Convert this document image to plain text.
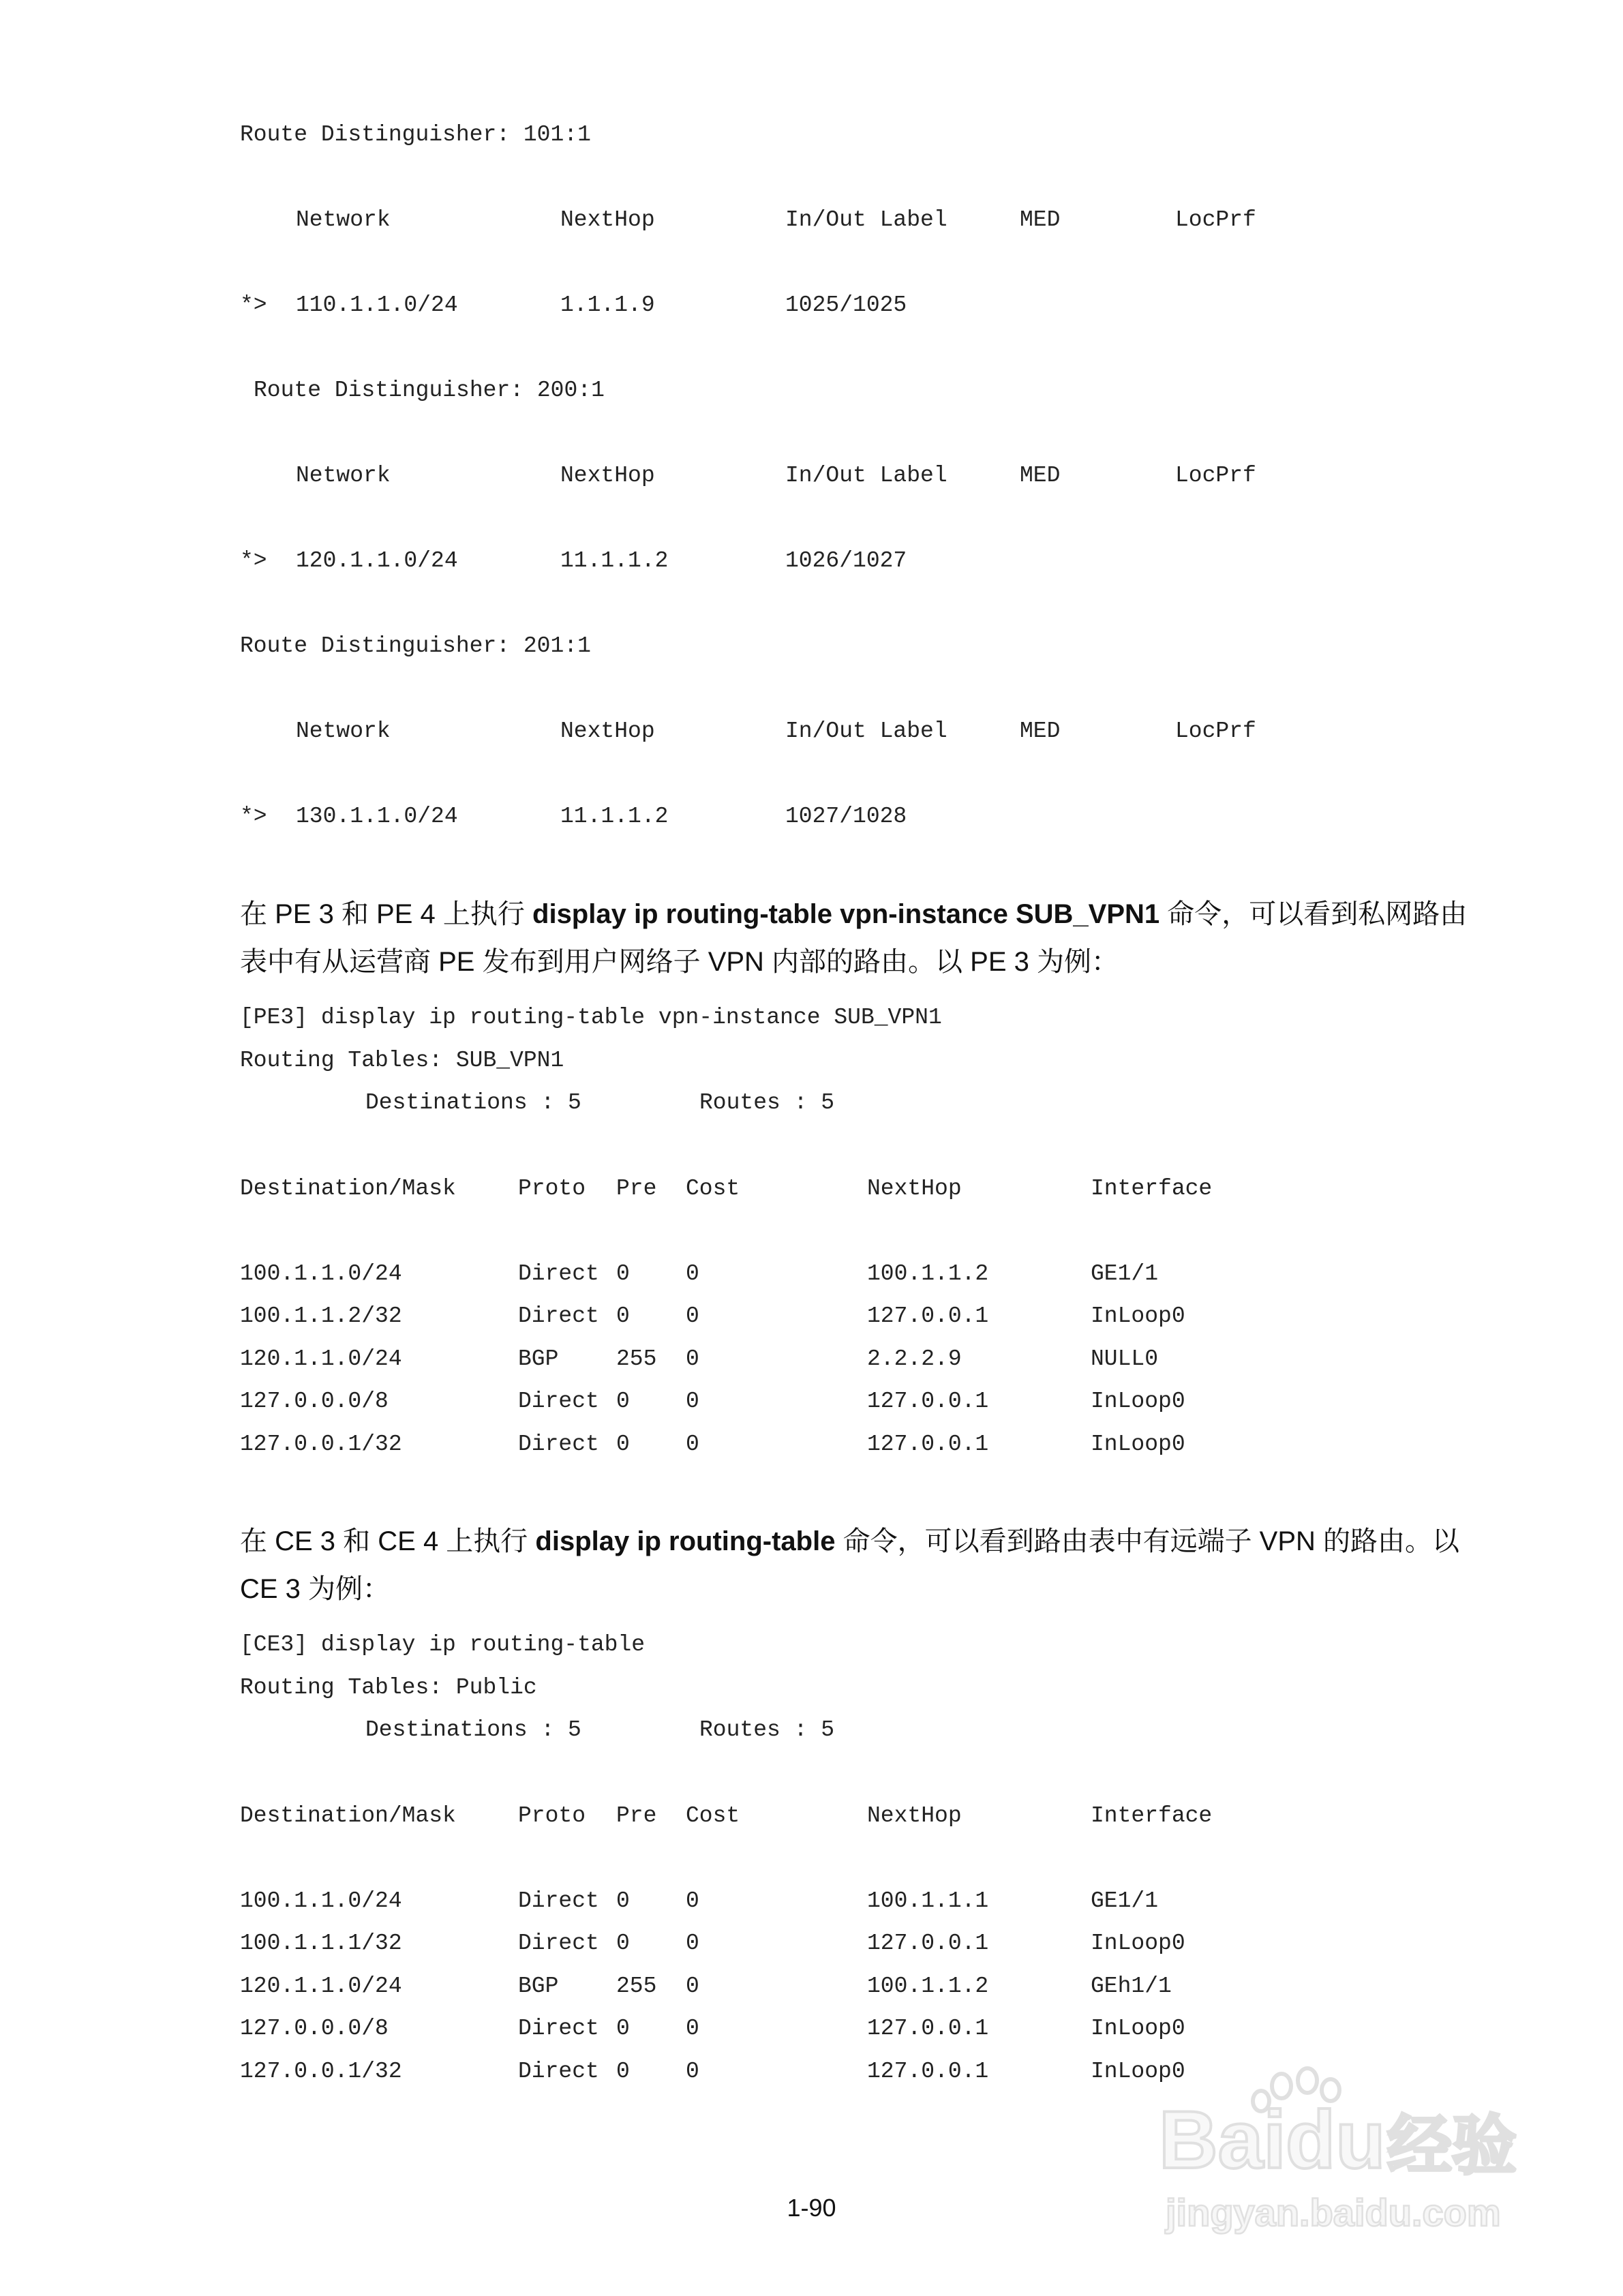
Route Distinguisher: 101:1
Network	NextHop	In/Out Label	MED	LocPrf
*> 110.1.1.0/24	1.1.1.9	1025/1025
Route Distinguisher: 200:1
Network	NextHop	In/Out Label	MED	LocPrf
*> 120.1.1.0/24	11.1.1.2	1026/1027
Route Distinguisher: 201:1
Network	NextHop	In/Out Label	MED	LocPrf
*> 130.1.1.0/24	11.1.1.2	1027/1028
在 PE 3 和 PE 4 上执行 display ip routing-table vpn-instance SUB_VPN1 命令，可以看到私网路由表中有从运营商 PE 发布到用户网络子 VPN 内部的路由。以 PE 3 为例：
[PE3] display ip routing-table vpn-instance SUB_VPN1
Routing Tables: SUB_VPN1
Destinations : 5	Routes : 5
Destination/Mask	Proto Pre Cost	NextHop	Interface
100.1.1.0/24	Direct 0 0	100.1.1.2	GE1/1
100.1.1.2/32	Direct 0 0	127.0.0.1	InLoop0
120.1.1.0/24	BGP	255 0	2.2.2.9	NULL0
127.0.0.0/8	Direct 0 0	127.0.0.1	InLoop0
127.0.0.1/32	Direct 0 0	127.0.0.1	InLoop0
在 CE 3 和 CE 4 上执行 display ip routing-table 命令，可以看到路由表中有远端子 VPN 的路由。以 CE 3 为例：
[CE3] display ip routing-table
Routing Tables: Public
Destinations : 5	Routes : 5
Destination/Mask	Proto Pre Cost	NextHop	Interface
100.1.1.0/24	Direct 0 0	100.1.1.1	GE1/1
100.1.1.1/32	Direct 0 0	127.0.0.1	InLoop0
120.1.1.0/24	BGP	255 0	100.1.1.2	GEh1/1
127.0.0.0/8	Direct 0 0	127.0.0.1	InLoop0
127.0.0.1/32	Direct 0 0	127.0.0.1	InLoop0
1-90
Bai du 经验
jingyan.baidu.com
